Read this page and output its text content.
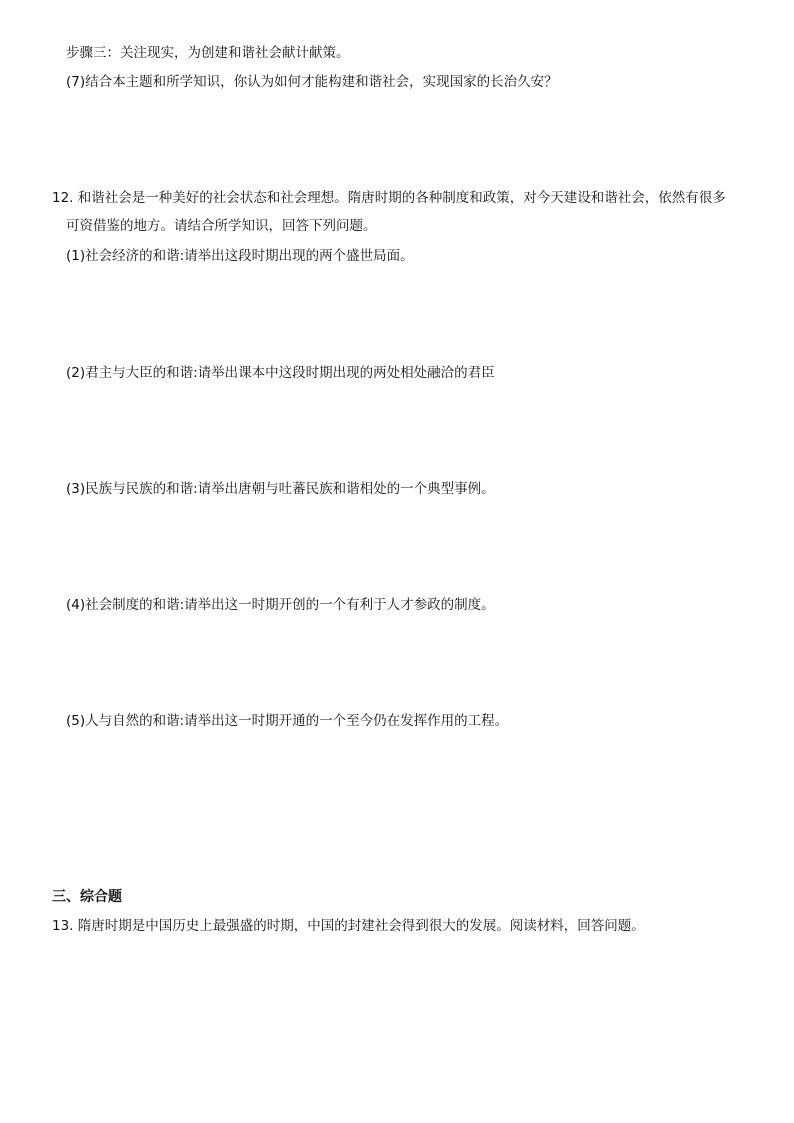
步骤三：关注现实，为创建和谐社会献计献策。
(7)结合本主题和所学知识，你认为如何才能构建和谐社会，实现国家的长治久安？
12. 和谐社会是一种美好的社会状态和社会理想。隋唐时期的各种制度和政策，对今天建设和谐社会，依然有很多
可资借鉴的地方。请结合所学知识，回答下列问题。
(1)社会经济的和谐:请举出这段时期出现的两个盛世局面。
(2)君主与大臣的和谐:请举出课本中这段时期出现的两处相处融洽的君臣
(3)民族与民族的和谐:请举出唐朝与吐蕃民族和谐相处的一个典型事例。
(4)社会制度的和谐:请举出这一时期开创的一个有利于人才参政的制度。
(5)人与自然的和谐:请举出这一时期开通的一个至今仍在发挥作用的工程。
三、综合题
13. 隋唐时期是中国历史上最强盛的时期，中国的封建社会得到很大的发展。阅读材料，回答问题。
